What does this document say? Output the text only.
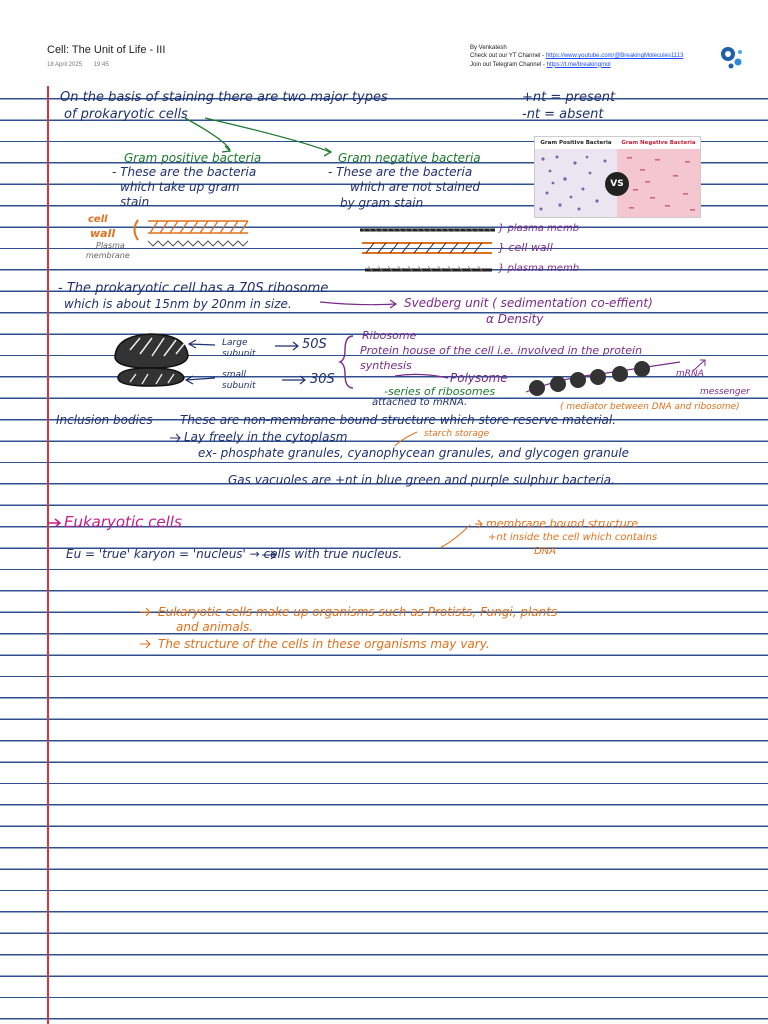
Cell: The Unit of Life - III
18 April 2025 19:45
By Venkatesh
Check out our YT Channel - https://www.youtube.com/@BreakingMolecules1113
Join out Telegram Channel - https://t.me/breakingmol
Gram Positive Bacteria	Gram Negative Bacteria
VS
On the basis of staining there are two major types
of prokaryotic cells
+nt = present
-nt = absent
Gram positive bacteria
- These are the bacteria
which take up gram
stain
Gram negative bacteria
- These are the bacteria
which are not stained
by gram stain
cell
wall
Plasma
membrane
} plasma memb
} cell wall
} plasma memb
- The prokaryotic cell has a 70S ribosome
which is about 15nm by 20nm in size.	Svedberg unit ( sedimentation co-effient)
α Density
Large subunit
50S
small subunit	30S
Ribosome
Protein house of the cell i.e. involved in the protein
synthesis
Polysome
-series of ribosomes
attached to mRNA.
mRNA
messenger
( mediator between DNA and ribosome)
Inclusion bodies These are non-membrane bound structure which store reserve material.
Lay freely in the cytoplasm	starch storage
ex- phosphate granules, cyanophycean granules, and glycogen granule
Gas vacuoles are +nt in blue green and purple sulphur bacteria.
Eukaryotic cells
Eu = 'true' karyon = 'nucleus' → cells with true nucleus.
membrane bound structure
+nt inside the cell which contains
DNA
Eukaryotic cells make up organisms such as Protists, Fungi, plants
and animals.
The structure of the cells in these organisms may vary.
